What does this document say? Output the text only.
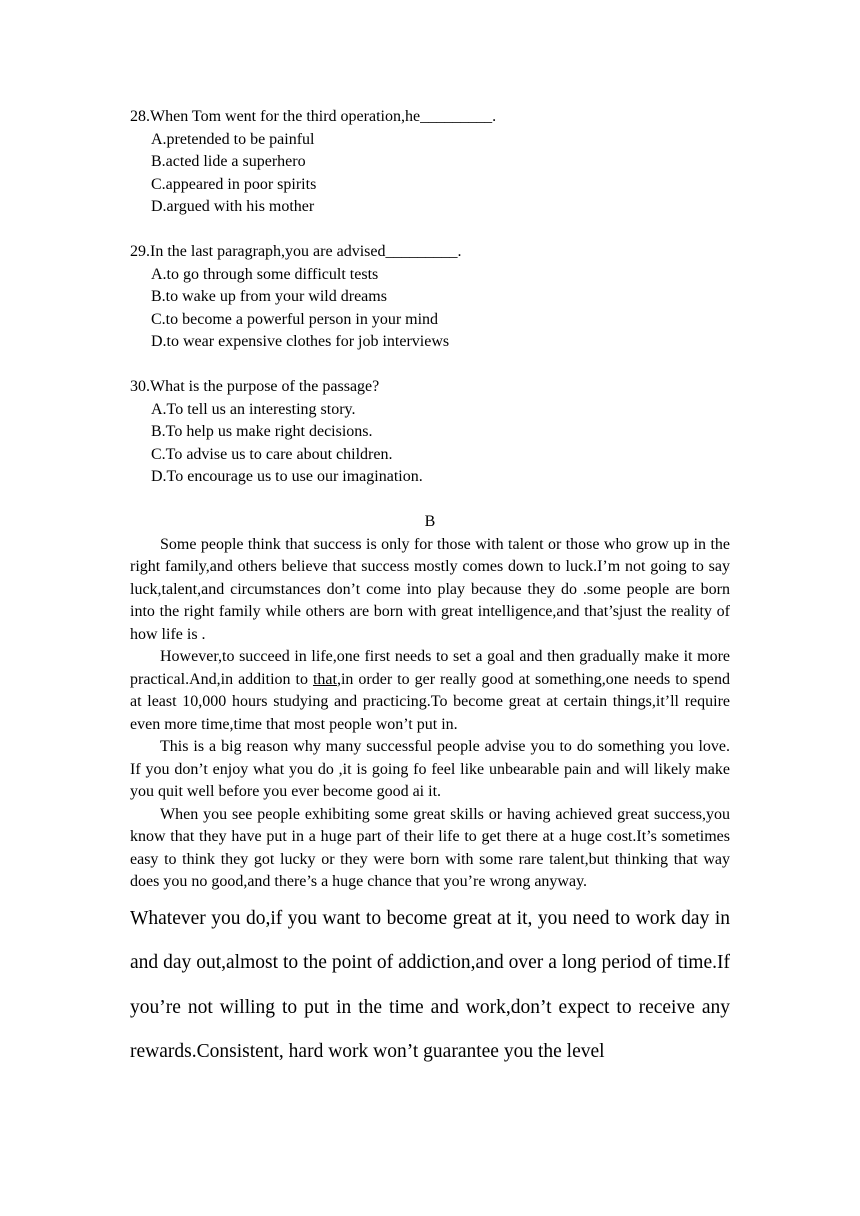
28.When Tom went for the third operation,he_________.

A.pretended to be painful
B.acted lide a superhero
C.appeared in poor spirits
D.argued with his mother

29.In the last paragraph,you are advised_________.

A.to go through some difficult tests
B.to wake up from your wild dreams
C.to become a powerful person in your mind
D.to wear expensive clothes for job interviews

30.What is the purpose of the passage?

A.To tell us an interesting story.
B.To help us make right decisions.
C.To advise us to care about children.
D.To encourage us to use our imagination.

B

Some people think that success is only for those with talent or those who grow up in the right family,and others believe that success mostly comes down to luck.I’m not going to say luck,talent,and circumstances don’t come into play because they do .some people are born into the right family while others are born with great intelligence,and that’sjust the reality of how life is .

However,to succeed in life,one first needs to set a goal and then gradually make it more practical.And,in addition to that,in order to ger really good at something,one needs to spend at least 10,000 hours studying and practicing.To become great at certain things,it’ll require even more time,time that most people won’t put in.

This is a big reason why many successful people advise you to do something you love. If you don’t enjoy what you do ,it is going fo feel like unbearable pain and will likely make you quit well before you ever become good ai it.

When you see people exhibiting some great skills or having achieved great success,you know that they have put in a huge part of their life to get there at a huge cost.It’s sometimes easy to think they got lucky or they were born with some rare talent,but thinking that way does you no good,and there’s a huge chance that you’re wrong anyway.

Whatever you do,if you want to become great at it, you need to work day in and day out,almost to the point of addiction,and over a long period of time.If you’re not willing to put in the time and work,don’t expect to receive any rewards.Consistent, hard work won’t guarantee you the level
